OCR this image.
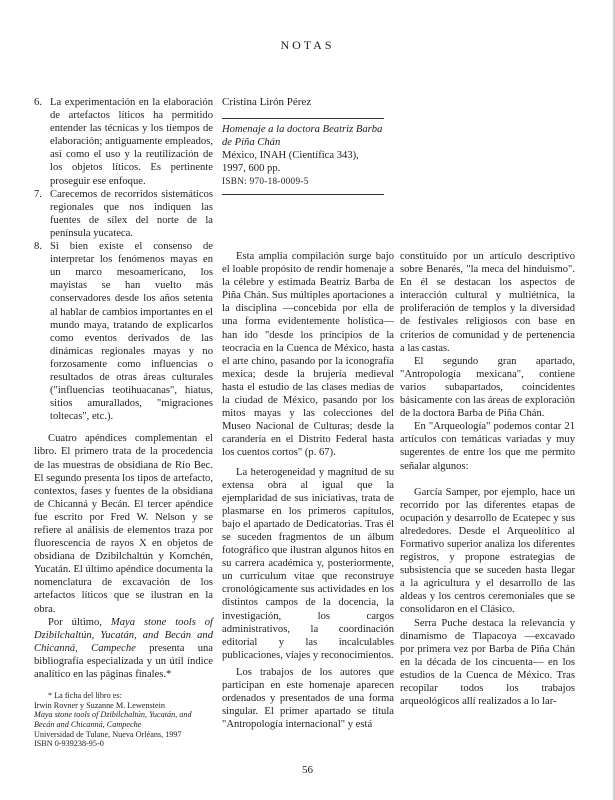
NOTAS
6. La experimentación en la elaboración de artefactos líticos ha permitido entender las técnicas y los tiempos de elaboración; antiguamente empleados, así como el uso y la reutilización de los objetos líticos. Es pertinente proseguir ese enfoque.
7. Carecemos de recorridos sistemáticos regionales que nos indiquen las fuentes de sílex del norte de la península yucateca.
8. Si bien existe el consenso de interpretar los fenómenos mayas en un marco mesoamericano, los mayistas se han vuelto más conservadores desde los años setenta al hablar de cambios importantes en el mundo maya, tratando de explicarlos como eventos derivados de las dinámicas regionales mayas y no forzosamente como influencias o resultados de otras áreas culturales ("influencias teotihuacanas", hiatus, sitios amurallados, "migraciones toltecas", etc.).

Cuatro apéndices complementan el libro. El primero trata de la procedencia de las muestras de obsidiana de Río Bec. El segundo presenta los tipos de artefacto, contextos, fases y fuentes de la obsidiana de Chicanná y Becán. El tercer apéndice fue escrito por Fred W. Nelson y se refiere al análisis de elementos traza por fluorescencia de rayos X en objetos de obsidiana de Dzibilchaltún y Komchén, Yucatán. El último apéndice documenta la nomenclatura de excavación de los artefactos líticos que se ilustran en la obra.

Por último, Maya stone tools of Dzibilchaltún, Yucatán, and Becán and Chicanná, Campeche presenta una bibliografía especializada y un útil índice analítico en las páginas finales.*

* La ficha del libro es:
Irwin Rovner y Suzanne M. Lewenstein
Maya stone tools of Dzibilchaltún, Yucatán, and Becán and Chicanná, Campeche
Universidad de Tulane, Nueva Orléans, 1997
ISBN 0-939238-95-0
Cristina Lirón Pérez
Homenaje a la doctora Beatriz Barba de Piña Chán
México, INAH (Científica 343), 1997, 600 pp.
ISBN: 970-18-0009-5

Esta amplia compilación surge bajo el loable propósito de rendir homenaje a la célebre y estimada Beatriz Barba de Piña Chán. Sus múltiples aportaciones a la disciplina —concebida por ella de una forma evidentemente holística— han ido "desde los principios de la teocracia en la Cuenca de México, hasta el arte chino, pasando por la iconografía mexica; desde la brujería medieval hasta el estudio de las clases medias de la ciudad de México, pasando por los mitos mayas y las colecciones del Museo Nacional de Culturas; desde la carandería en el Distrito Federal hasta los cuentos cortos" (p. 67).

La heterogeneidad y magnitud de su extensa obra al igual que la ejemplaridad de sus iniciativas, trata de plasmarse en los primeros capítulos, bajo el apartado de Dedicatorias. Tras él se suceden fragmentos de un álbum fotográfico que ilustran algunos hitos en su carrera académica y, posteriormente, un currículum vitae que reconstruye cronológicamente sus actividades en los distintos campos de la docencia, la investigación, los cargos administrativos, la coordinación editorial y las incalculables publicaciones, viajes y reconocimientos.

Los trabajos de los autores que participan en este homenaje aparecen ordenados y presentados de una forma singular. El primer apartado se titula "Antropología internacional" y está

constituido por un artículo descriptivo sobre Benarés, "la meca del hinduismo". En él se destacan los aspectos de interacción cultural y multiétnica, la proliferación de templos y la diversidad de festivales religiosos con base en criterios de comunidad y de pertenencia a las castas.

El segundo gran apartado, "Antropología mexicana", contiene varios subapartados, coincidentes básicamente con las áreas de exploración de la doctora Barba de Piña Chán.

En "Arqueología" podemos contar 21 artículos con temáticas variadas y muy sugerentes de entre los que me permito señalar algunos:

García Samper, por ejemplo, hace un recorrido por las diferentes etapas de ocupación y desarrollo de Ecatepec y sus alrededores. Desde el Arqueolítico al Formativo superior analiza los diferentes registros, y propone estrategias de subsistencia que se suceden hasta llegar a la agricultura y el desarrollo de las aldeas y los centros ceremoniales que se consolidaron en el Clásico.

Serra Puche destaca la relevancia y dinamismo de Tlapacoya —excavado por primera vez por Barba de Piña Chán en la década de los cincuenta— en los estudios de la Cuenca de México. Tras recopilar todos los trabajos arqueológicos allí realizados a lo lar-

56
